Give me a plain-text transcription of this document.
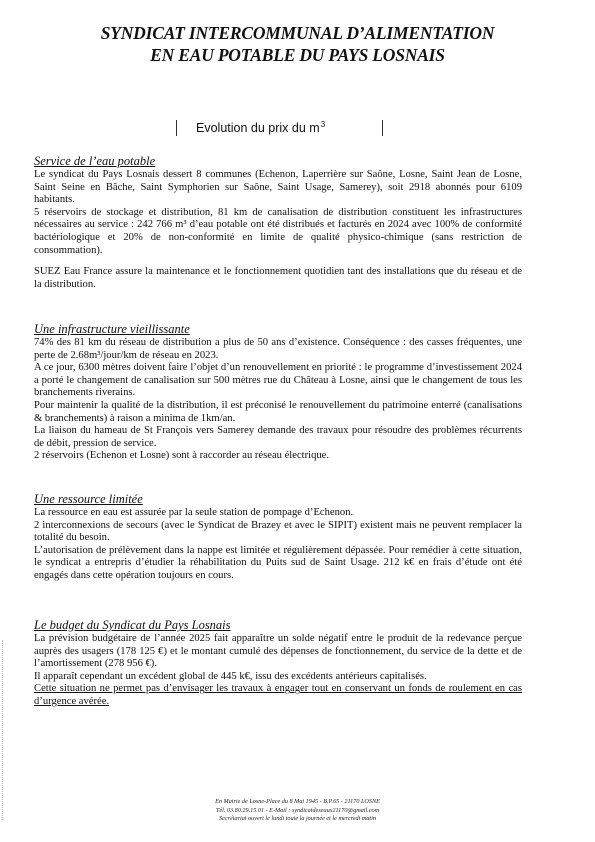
SYNDICAT INTERCOMMUNAL D’ALIMENTATION
EN EAU POTABLE DU PAYS LOSNAIS
Evolution du prix du $m^3$
Service de l’eau potable

Le syndicat du Pays Losnais dessert 8 communes (Echenon, Laperrière sur Saône, Losne, Saint Jean de Losne, Saint Seine en Bâche, Saint Symphorien sur Saône, Saint Usage, Samerey), soit 2918 abonnés pour 6109 habitants.

5 réservoirs de stockage et distribution, 81 km de canalisation de distribution constituent les infrastructures nécessaires au service : 242 766 m³ d’eau potable ont été distribués et facturés en 2024 avec 100% de conformité bactériologique et 20% de non-conformité en limite de qualité physico-chimique (sans restriction de consommation).

SUEZ Eau France assure la maintenance et le fonctionnement quotidien tant des installations que du réseau et de la distribution.

Une infrastructure vieillissante

74% des 81 km du réseau de distribution a plus de 50 ans d’existence. Conséquence : des casses fréquentes, une perte de 2.68m³/jour/km de réseau en 2023.

A ce jour, 6300 mètres doivent faire l’objet d’un renouvellement en priorité : le programme d’investissement 2024 a porté le changement de canalisation sur 500 mètres rue du Château à Losne, ainsi que le changement de tous les branchements riverains.

Pour maintenir la qualité de la distribution, il est préconisé le renouvellement du patrimoine enterré (canalisations & branchements) à raison a minima de 1km/an.

La liaison du hameau de St François vers Samerey demande des travaux pour résoudre des problèmes récurrents de débit, pression de service.

2 réservoirs (Echenon et Losne) sont à raccorder au réseau électrique.

Une ressource limitée

La ressource en eau est assurée par la seule station de pompage d’Echenon.

2 interconnexions de secours (avec le Syndicat de Brazey et avec le SIPIT) existent mais ne peuvent remplacer la totalité du besoin.

L’autorisation de prélèvement dans la nappe est limitée et régulièrement dépassée. Pour remédier à cette situation, le syndicat a entrepris d’étudier la réhabilitation du Puits sud de Saint Usage. 212 k€ en frais d’étude ont été engagés dans cette opération toujours en cours.

Le budget du Syndicat du Pays Losnais

La prévision budgétaire de l’année 2025 fait apparaître un solde négatif entre le produit de la redevance perçue auprès des usagers (178 125 €) et le montant cumulé des dépenses de fonctionnement, du service de la dette et de l’amortissement (278 956 €).

Il apparaît cependant un excédent global de 445 k€, issu des excédents antérieurs capitalisés.

Cette situation ne permet pas d’envisager les travaux à engager tout en conservant un fonds de roulement en cas d’urgence avérée.

En Mairie de Losne-Place du 8 Mai 1945 - B.P.65 - 21170 LOSNE
Tél. 03.80.29.15.01 - E-Mail : syndicatdeseaux21170@gmail.com
Secrétariat ouvert le lundi toute la journée et le mercredi matin
